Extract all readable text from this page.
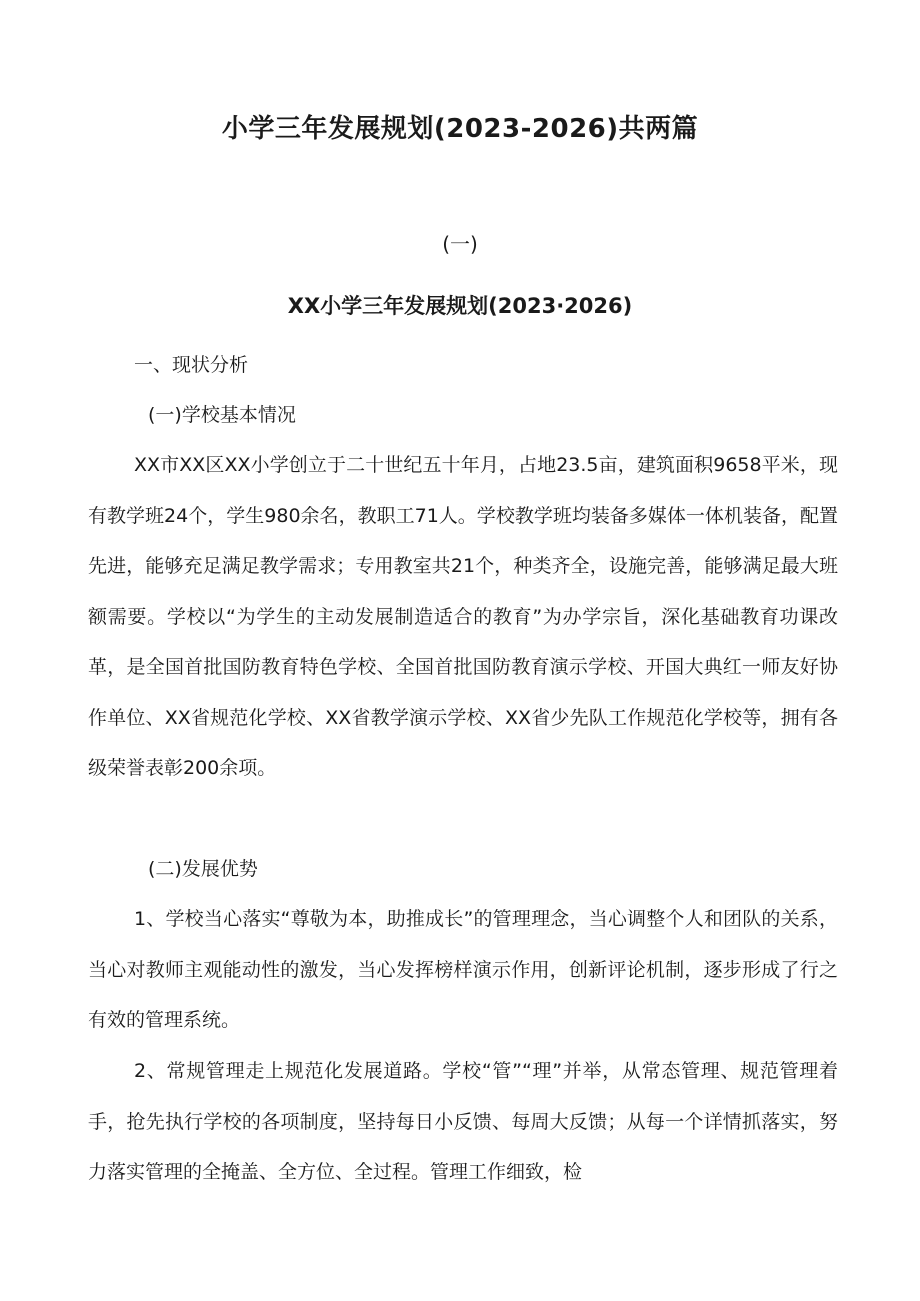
小学三年发展规划(2023-2026)共两篇
(一)
XX小学三年发展规划(2023·2026)
一、现状分析
(一)学校基本情况
XX市XX区XX小学创立于二十世纪五十年月，占地23.5亩，建筑面积9658平米，现有教学班24个，学生980余名，教职工71人。学校教学班均装备多媒体一体机装备，配置先进，能够充足满足教学需求；专用教室共21个，种类齐全，设施完善，能够满足最大班额需要。学校以“为学生的主动发展制造适合的教育”为办学宗旨，深化基础教育功课改革，是全国首批国防教育特色学校、全国首批国防教育演示学校、开国大典红一师友好协作单位、XX省规范化学校、XX省教学演示学校、XX省少先队工作规范化学校等，拥有各级荣誉表彰200余项。
(二)发展优势
1、学校当心落实“尊敬为本，助推成长”的管理理念，当心调整个人和团队的关系，当心对教师主观能动性的激发，当心发挥榜样演示作用，创新评论机制，逐步形成了行之有效的管理系统。
2、常规管理走上规范化发展道路。学校“管”“理”并举，从常态管理、规范管理着手，抢先执行学校的各项制度，坚持每日小反馈、每周大反馈；从每一个详情抓落实，努力落实管理的全掩盖、全方位、全过程。管理工作细致，检
